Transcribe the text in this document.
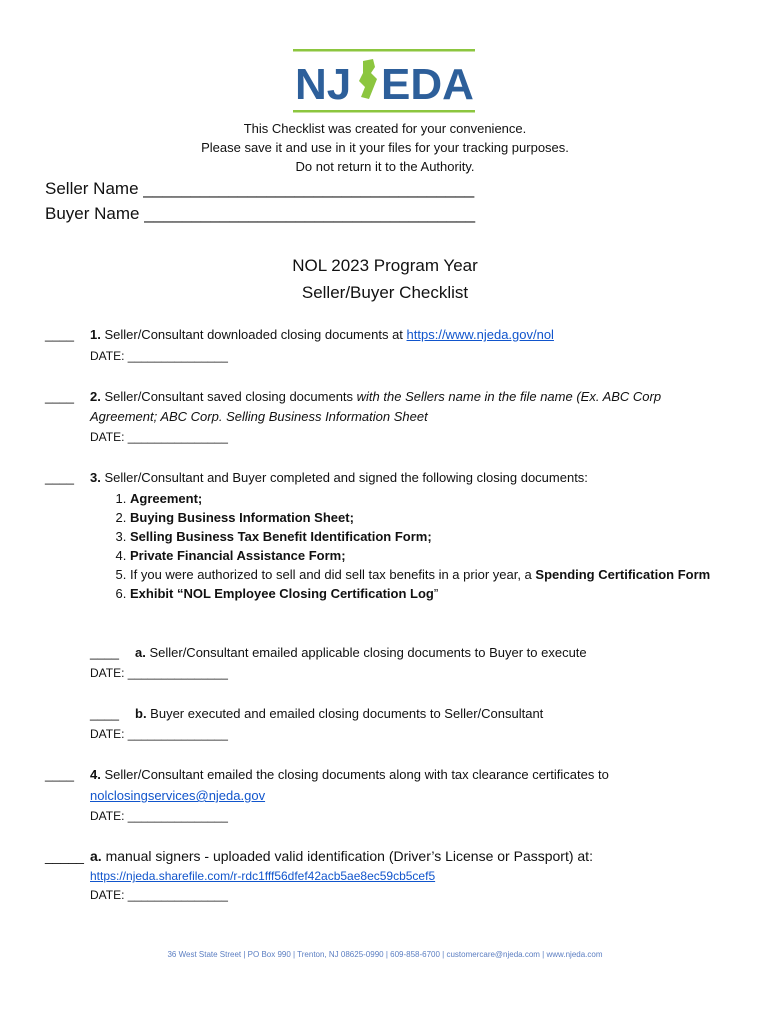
NJ EDA
This Checklist was created for your convenience.
Please save it and use in it your files for your tracking purposes.
Do not return it to the Authority.
Seller Name ___________________________________
Buyer Name ___________________________________
NOL 2023 Program Year
Seller/Buyer Checklist
____ 1. Seller/Consultant downloaded closing documents at https://www.njeda.gov/nol
DATE: _______________
____ 2. Seller/Consultant saved closing documents with the Sellers name in the file name (Ex. ABC Corp
Agreement; ABC Corp. Selling Business Information Sheet
DATE: _______________
____ 3. Seller/Consultant and Buyer completed and signed the following closing documents:
1. Agreement;
2. Buying Business Information Sheet;
3. Selling Business Tax Benefit Identification Form;
4. Private Financial Assistance Form;
5. If you were authorized to sell and did sell tax benefits in a prior year, a Spending Certification Form
6. Exhibit “NOL Employee Closing Certification Log”
____ a. Seller/Consultant emailed applicable closing documents to Buyer to execute
DATE: _______________
____ b. Buyer executed and emailed closing documents to Seller/Consultant
DATE: _______________
____ 4. Seller/Consultant emailed the closing documents along with tax clearance certificates to
nolclosingservices@njeda.gov
DATE: _______________
_____ a. manual signers - uploaded valid identification (Driver’s License or Passport) at:
https://njeda.sharefile.com/r-rdc1fff56dfef42acb5ae8ec59cb5cef5
DATE: _______________
36 West State Street | PO Box 990 | Trenton, NJ 08625-0990 | 609-858-6700 | customercare@njeda.com | www.njeda.com
